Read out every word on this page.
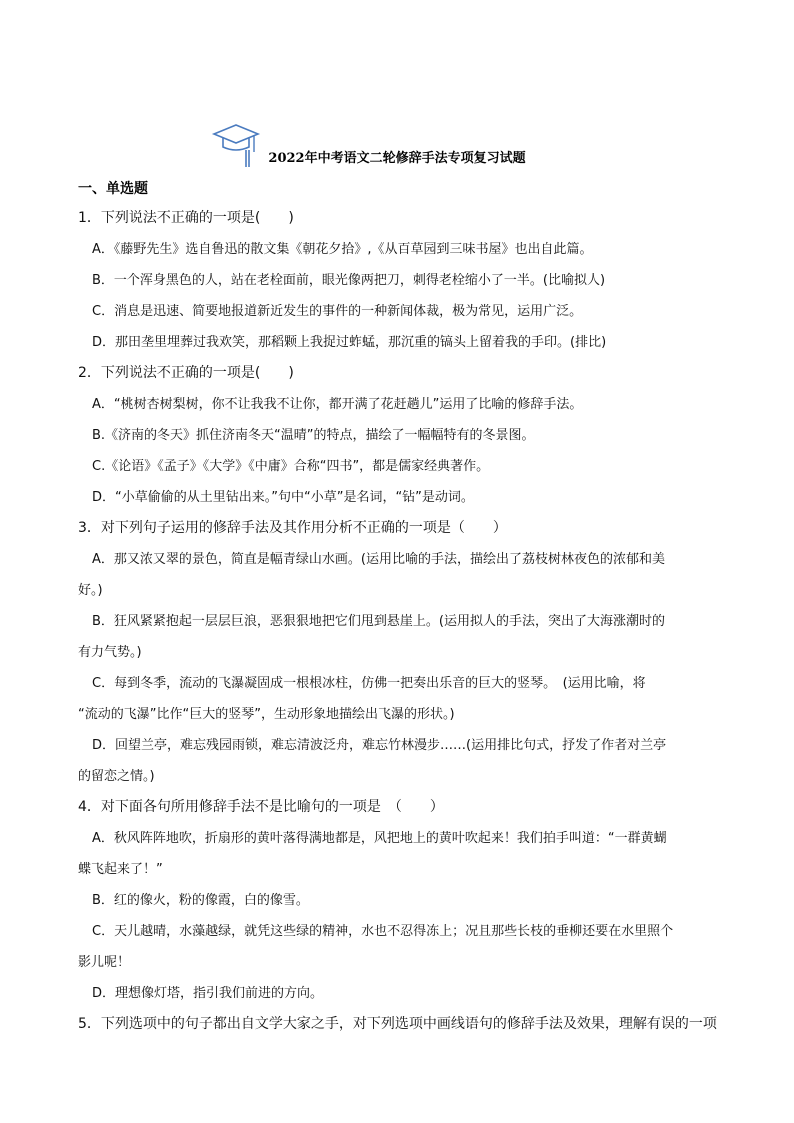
2022年中考语文二轮修辞手法专项复习试题
一、单选题
1．下列说法不正确的一项是(　　)
A．《藤野先生》选自鲁迅的散文集《朝花夕拾》,《从百草园到三味书屋》也出自此篇。
B．一个浑身黑色的人，站在老栓面前，眼光像两把刀，刺得老栓缩小了一半。(比喻拟人)
C．消息是迅速、简要地报道新近发生的事件的一种新闻体裁，极为常见，运用广泛。
D．那田垄里埋葬过我欢笑，那稻颗上我捉过蚱蜢，那沉重的镐头上留着我的手印。(排比)
2．下列说法不正确的一项是(　　)
A．“桃树杏树梨树，你不让我我不让你，都开满了花赶趟儿”运用了比喻的修辞手法。
B.《济南的冬天》抓住济南冬天“温晴”的特点，描绘了一幅幅特有的冬景图。
C.《论语》《孟子》《大学》《中庸》合称“四书”，都是儒家经典著作。
D．“小草偷偷的从土里钻出来。”句中“小草”是名词，“钻”是动词。
3．对下列句子运用的修辞手法及其作用分析不正确的一项是（　　）
A．那又浓又翠的景色，简直是幅青绿山水画。(运用比喻的手法，描绘出了荔枝树林夜色的浓郁和美
好。)
B．狂风紧紧抱起一层层巨浪，恶狠狠地把它们甩到悬崖上。(运用拟人的手法，突出了大海涨潮时的
有力气势。)
C．每到冬季，流动的飞瀑凝固成一根根冰柱，仿佛一把奏出乐音的巨大的竖琴。　(运用比喻，将
“流动的飞瀑”比作“巨大的竖琴”，生动形象地描绘出飞瀑的形状。)
D．回望兰亭，难忘残园雨锁，难忘清波泛舟，难忘竹林漫步……(运用排比句式，抒发了作者对兰亭
的留恋之情。)
4．对下面各句所用修辞手法不是比喻句的一项是　（　　）
A．秋风阵阵地吹，折扇形的黄叶落得满地都是，风把地上的黄叶吹起来！我们拍手叫道：“一群黄蝴
蝶飞起来了！”
B．红的像火，粉的像霞，白的像雪。
C．天儿越晴，水藻越绿，就凭这些绿的精神，水也不忍得冻上；况且那些长枝的垂柳还要在水里照个
影儿呢！
D．理想像灯塔，指引我们前进的方向。
5．下列选项中的句子都出自文学大家之手，对下列选项中画线语句的修辞手法及效果，理解有误的一项
